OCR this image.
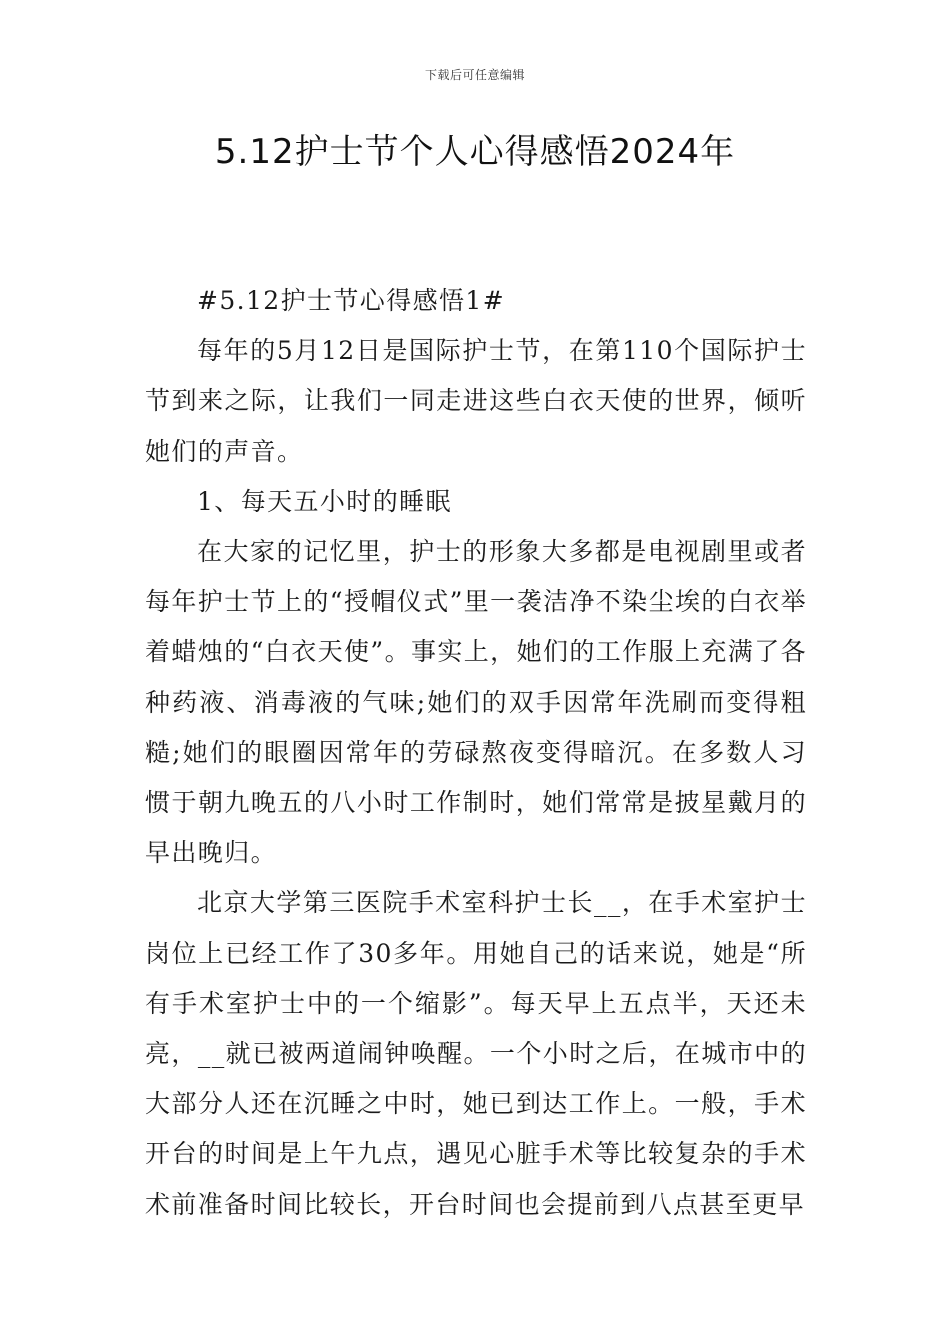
下载后可任意编辑
5.12护士节个人心得感悟2024年

#5.12护士节心得感悟1#

每年的5月12日是国际护士节，在第110个国际护士节到来之际，让我们一同走进这些白衣天使的世界，倾听她们的声音。

1、每天五小时的睡眠

在大家的记忆里，护士的形象大多都是电视剧里或者每年护士节上的“授帽仪式”里一袭洁净不染尘埃的白衣举着蜡烛的“白衣天使”。事实上，她们的工作服上充满了各种药液、消毒液的气味;她们的双手因常年洗刷而变得粗糙;她们的眼圈因常年的劳碌熬夜变得暗沉。在多数人习惯于朝九晚五的八小时工作制时，她们常常是披星戴月的早出晚归。

北京大学第三医院手术室科护士长__，在手术室护士岗位上已经工作了30多年。用她自己的话来说，她是“所有手术室护士中的一个缩影”。每天早上五点半，天还未亮，__就已被两道闹钟唤醒。一个小时之后，在城市中的大部分人还在沉睡之中时，她已到达工作上。一般，手术开台的时间是上午九点，遇见心脏手术等比较复杂的手术术前准备时间比较长，开台时间也会提前到八点甚至更早
